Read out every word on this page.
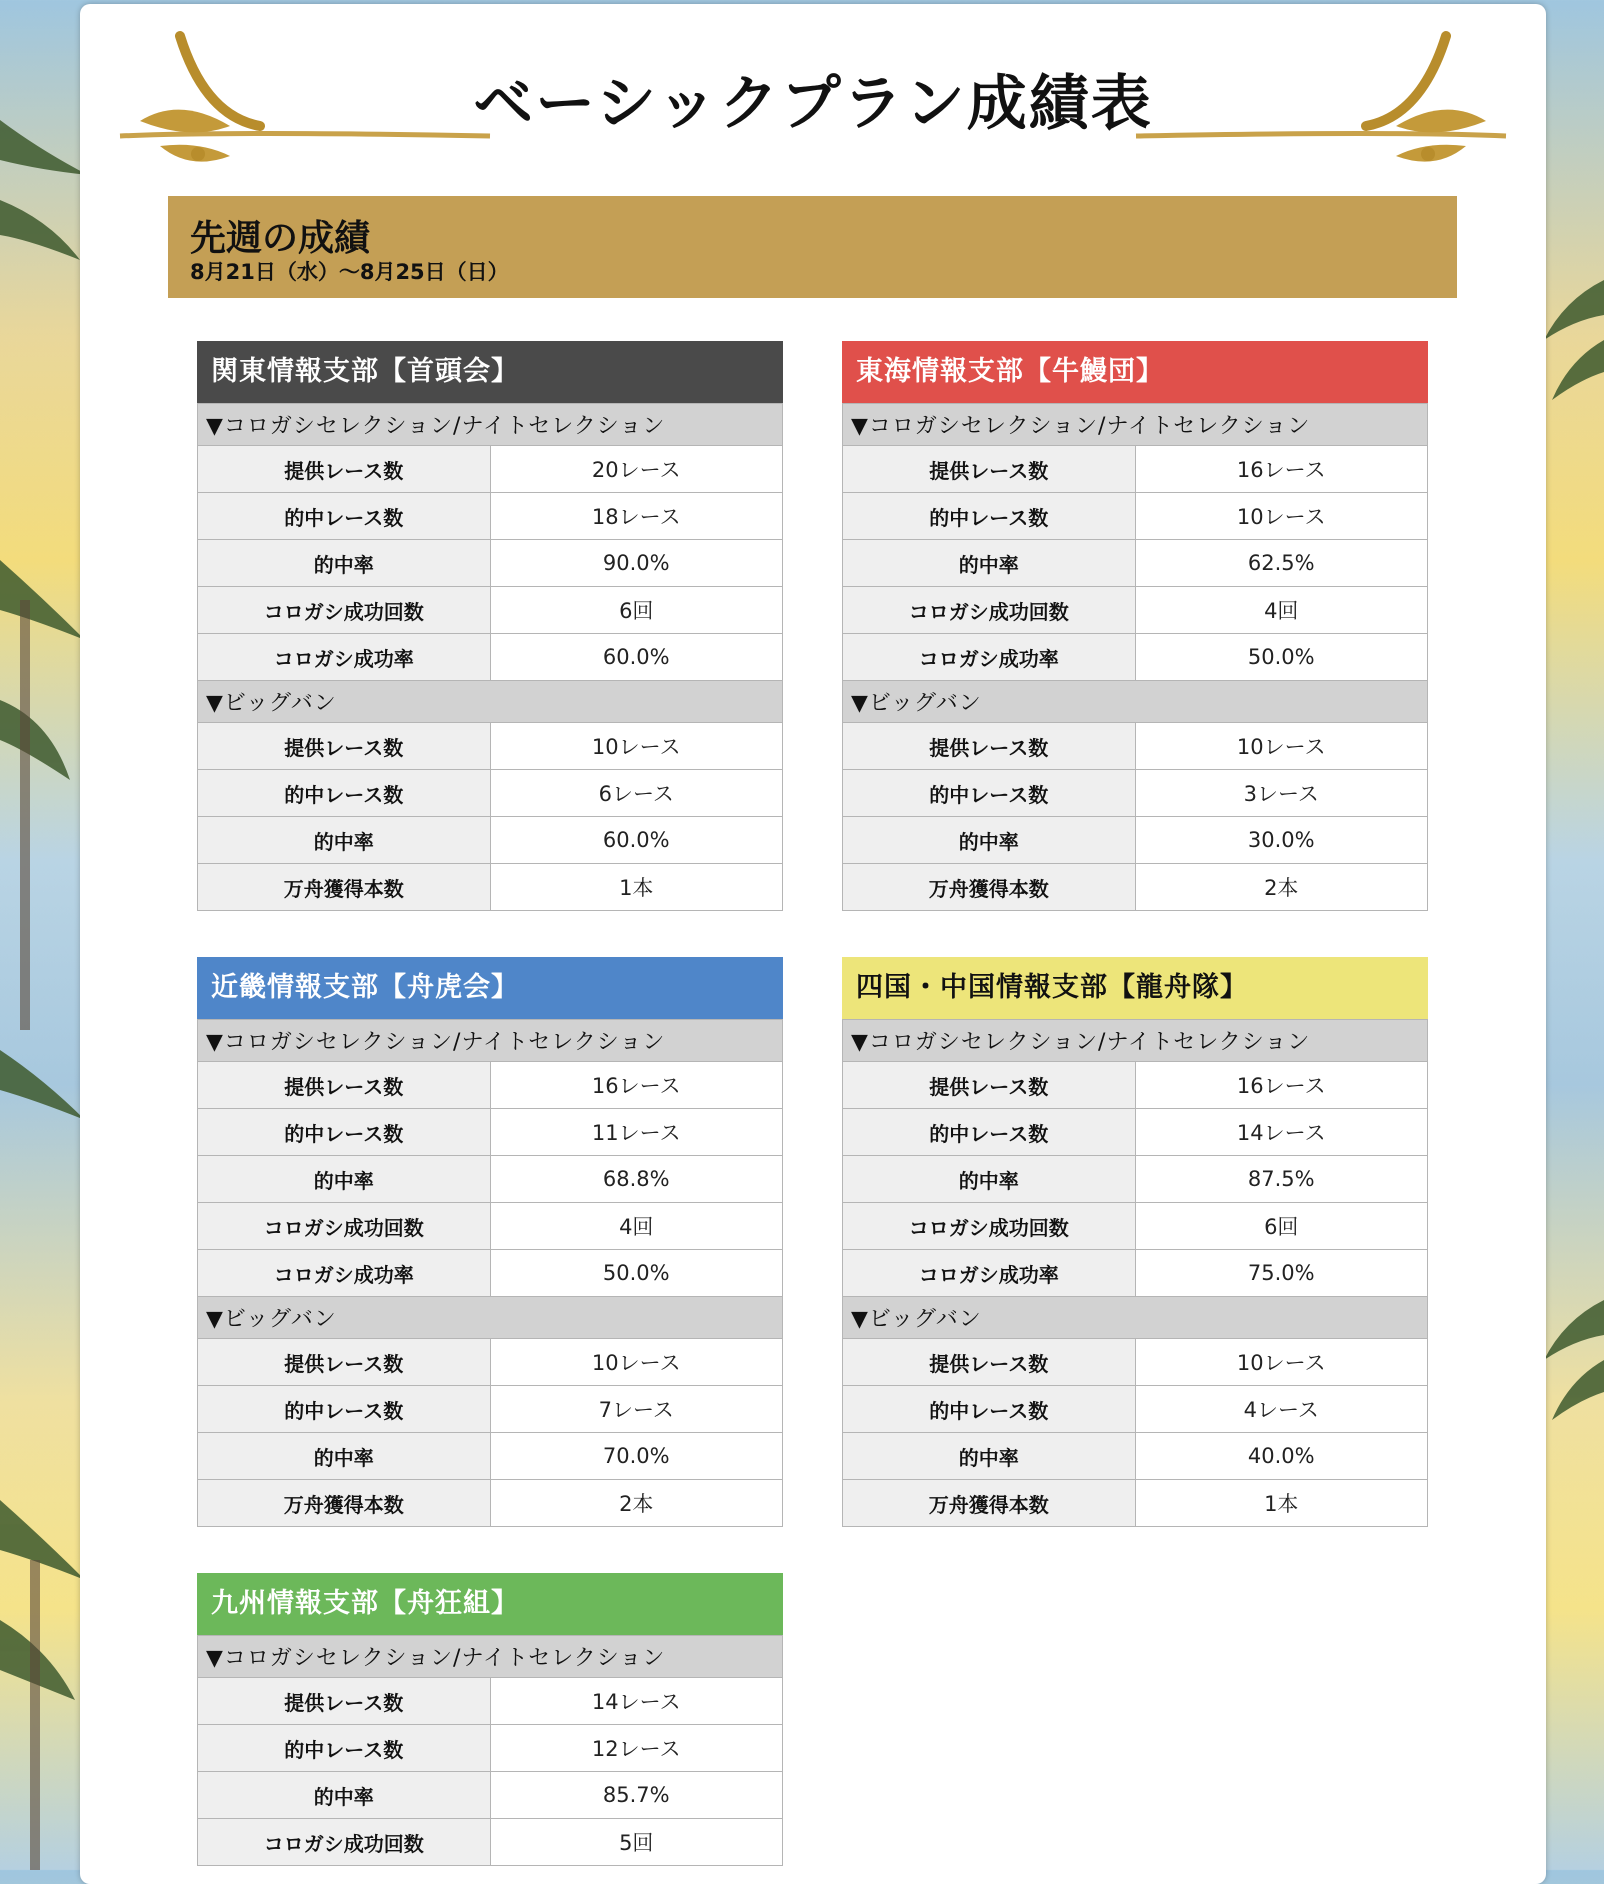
ベーシックプラン成績表
先週の成績
8月21日（水）〜8月25日（日）
関東情報支部【首頭会】
▼コロガシセレクション/ナイトセレクション	
提供レース数	20レース
的中レース数	18レース
的中率	90.0%
コロガシ成功回数	6回
コロガシ成功率	60.0%
▼ビッグバン	
提供レース数	10レース
的中レース数	6レース
的中率	60.0%
万舟獲得本数	1本
東海情報支部【牛鰻団】
▼コロガシセレクション/ナイトセレクション	
提供レース数	16レース
的中レース数	10レース
的中率	62.5%
コロガシ成功回数	4回
コロガシ成功率	50.0%
▼ビッグバン	
提供レース数	10レース
的中レース数	3レース
的中率	30.0%
万舟獲得本数	2本
近畿情報支部【舟虎会】
▼コロガシセレクション/ナイトセレクション	
提供レース数	16レース
的中レース数	11レース
的中率	68.8%
コロガシ成功回数	4回
コロガシ成功率	50.0%
▼ビッグバン	
提供レース数	10レース
的中レース数	7レース
的中率	70.0%
万舟獲得本数	2本
四国・中国情報支部【龍舟隊】
▼コロガシセレクション/ナイトセレクション	
提供レース数	16レース
的中レース数	14レース
的中率	87.5%
コロガシ成功回数	6回
コロガシ成功率	75.0%
▼ビッグバン	
提供レース数	10レース
的中レース数	4レース
的中率	40.0%
万舟獲得本数	1本
九州情報支部【舟狂組】
▼コロガシセレクション/ナイトセレクション	
提供レース数	14レース
的中レース数	12レース
的中率	85.7%
コロガシ成功回数	5回
